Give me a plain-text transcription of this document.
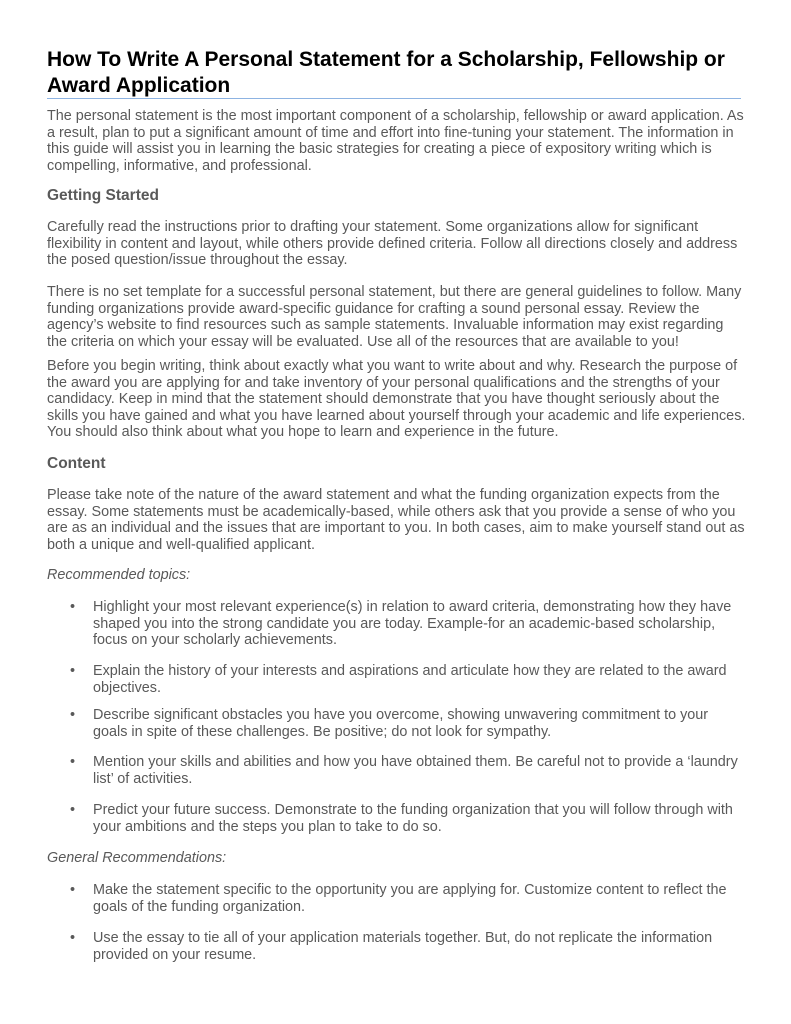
How To Write A Personal Statement for a Scholarship, Fellowship or Award Application

The personal statement is the most important component of a scholarship, fellowship or award application. As a result, plan to put a significant amount of time and effort into fine-tuning your statement. The information in this guide will assist you in learning the basic strategies for creating a piece of expository writing which is compelling, informative, and professional.

Getting Started

Carefully read the instructions prior to drafting your statement. Some organizations allow for significant flexibility in content and layout, while others provide defined criteria. Follow all directions closely and address the posed question/issue throughout the essay.

There is no set template for a successful personal statement, but there are general guidelines to follow. Many funding organizations provide award-specific guidance for crafting a sound personal essay. Review the agency’s website to find resources such as sample statements. Invaluable information may exist regarding the criteria on which your essay will be evaluated. Use all of the resources that are available to you!

Before you begin writing, think about exactly what you want to write about and why. Research the purpose of the award you are applying for and take inventory of your personal qualifications and the strengths of your candidacy. Keep in mind that the statement should demonstrate that you have thought seriously about the skills you have gained and what you have learned about yourself through your academic and life experiences. You should also think about what you hope to learn and experience in the future.

Content

Please take note of the nature of the award statement and what the funding organization expects from the essay. Some statements must be academically-based, while others ask that you provide a sense of who you are as an individual and the issues that are important to you. In both cases, aim to make yourself stand out as both a unique and well-qualified applicant.

Recommended topics:

•	Highlight your most relevant experience(s) in relation to award criteria, demonstrating how they have shaped you into the strong candidate you are today. Example-for an academic-based scholarship, focus on your scholarly achievements.
•	Explain the history of your interests and aspirations and articulate how they are related to the award objectives.
•	Describe significant obstacles you have you overcome, showing unwavering commitment to your goals in spite of these challenges. Be positive; do not look for sympathy.
•	Mention your skills and abilities and how you have obtained them. Be careful not to provide a ‘laundry list’ of activities.
•	Predict your future success. Demonstrate to the funding organization that you will follow through with your ambitions and the steps you plan to take to do so.

General Recommendations:

•	Make the statement specific to the opportunity you are applying for. Customize content to reflect the goals of the funding organization.
•	Use the essay to tie all of your application materials together. But, do not replicate the information provided on your resume.
